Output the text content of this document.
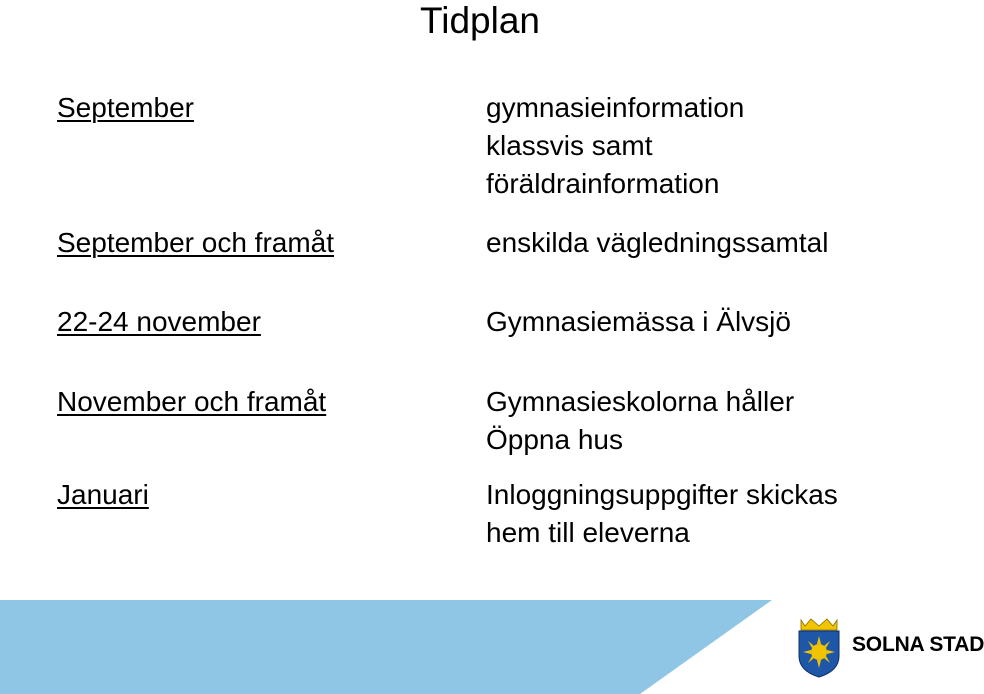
Tidplan
September	gymnasieinformation
klassvis samt
föräldrainformation
September och framåt	enskilda vägledningssamtal
22-24 november	Gymnasiemässa i Älvsjö
November och framåt	Gymnasieskolorna håller
Öppna hus
Januari	Inloggningsuppgifter skickas
hem till eleverna
SOLNA STAD
